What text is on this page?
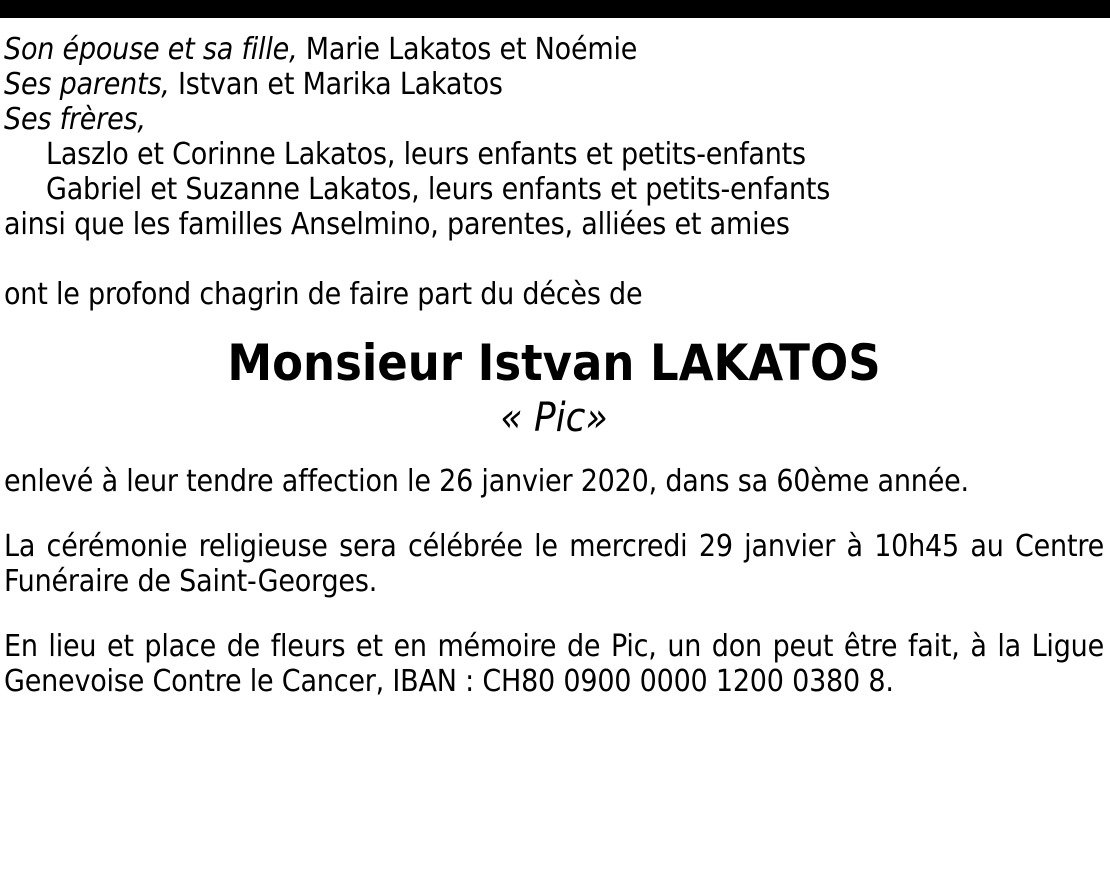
Son épouse et sa fille, Marie Lakatos et Noémie
Ses parents, Istvan et Marika Lakatos
Ses frères,
Laszlo et Corinne Lakatos, leurs enfants et petits-enfants
Gabriel et Suzanne Lakatos, leurs enfants et petits-enfants
ainsi que les familles Anselmino, parentes, alliées et amies
ont le profond chagrin de faire part du décès de
Monsieur Istvan LAKATOS
« Pic»
enlevé à leur tendre affection le 26 janvier 2020, dans sa 60ème année.
La cérémonie religieuse sera célébrée le mercredi 29 janvier à 10h45 au Centre Funéraire de Saint-Georges.
En lieu et place de fleurs et en mémoire de Pic, un don peut être fait, à la Ligue Genevoise Contre le Cancer, IBAN : CH80 0900 0000 1200 0380 8.
